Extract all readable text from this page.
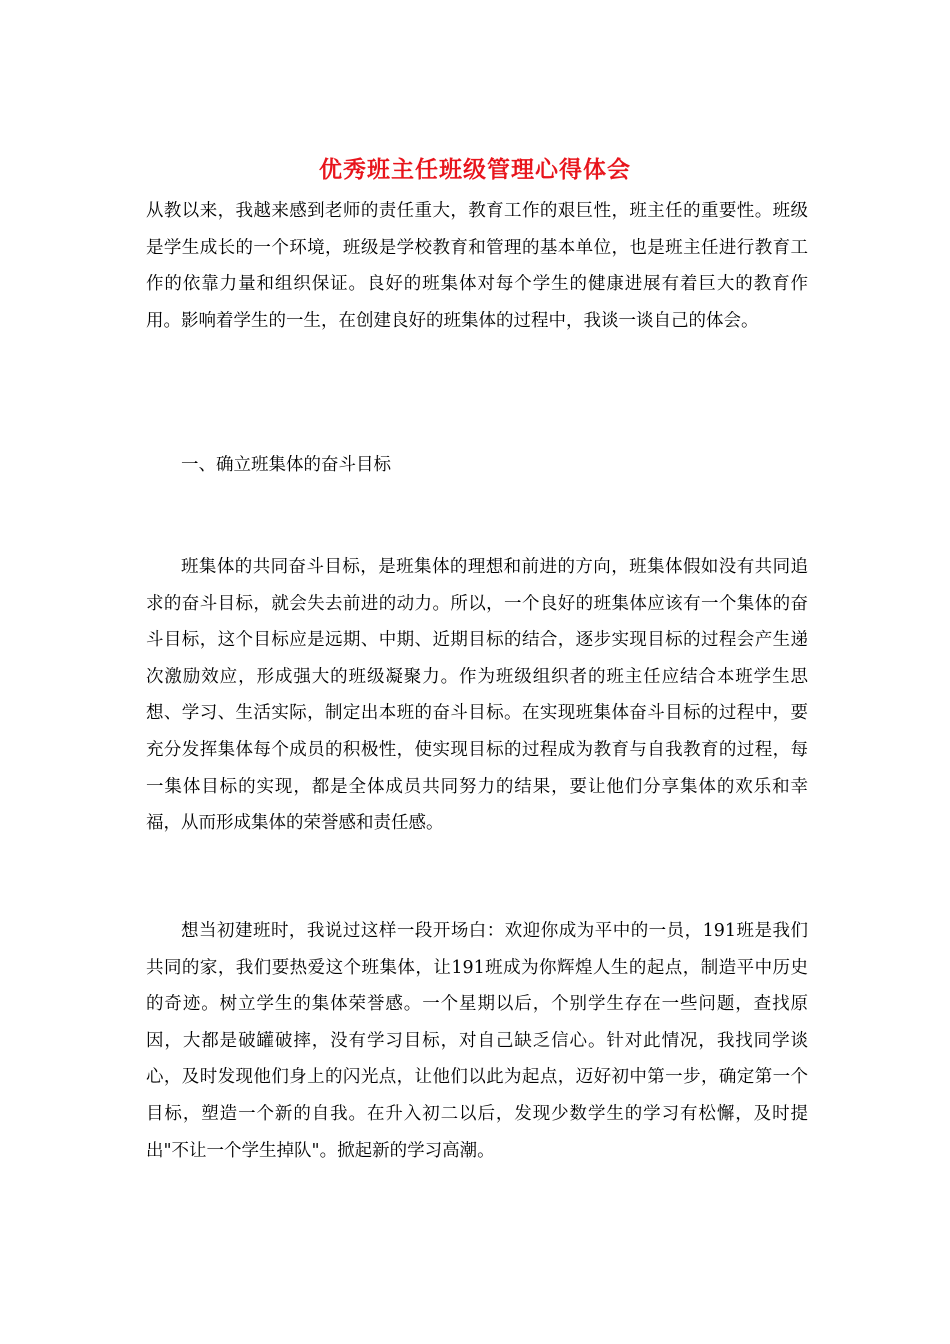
优秀班主任班级管理心得体会

从教以来，我越来感到老师的责任重大，教育工作的艰巨性，班主任的重要性。班级是学生成长的一个环境，班级是学校教育和管理的基本单位，也是班主任进行教育工作的依靠力量和组织保证。良好的班集体对每个学生的健康进展有着巨大的教育作用。影响着学生的一生，在创建良好的班集体的过程中，我谈一谈自己的体会。

一、确立班集体的奋斗目标

班集体的共同奋斗目标，是班集体的理想和前进的方向，班集体假如没有共同追求的奋斗目标，就会失去前进的动力。所以，一个良好的班集体应该有一个集体的奋斗目标，这个目标应是远期、中期、近期目标的结合，逐步实现目标的过程会产生递次激励效应，形成强大的班级凝聚力。作为班级组织者的班主任应结合本班学生思想、学习、生活实际，制定出本班的奋斗目标。在实现班集体奋斗目标的过程中，要充分发挥集体每个成员的积极性，使实现目标的过程成为教育与自我教育的过程，每一集体目标的实现，都是全体成员共同努力的结果，要让他们分享集体的欢乐和幸福，从而形成集体的荣誉感和责任感。

想当初建班时，我说过这样一段开场白：欢迎你成为平中的一员，191班是我们共同的家，我们要热爱这个班集体，让191班成为你辉煌人生的起点，制造平中历史的奇迹。树立学生的集体荣誉感。一个星期以后，个别学生存在一些问题，查找原因，大都是破罐破摔，没有学习目标，对自己缺乏信心。针对此情况，我找同学谈心，及时发现他们身上的闪光点，让他们以此为起点，迈好初中第一步，确定第一个目标，塑造一个新的自我。在升入初二以后，发现少数学生的学习有松懈，及时提出"不让一个学生掉队"。掀起新的学习高潮。
